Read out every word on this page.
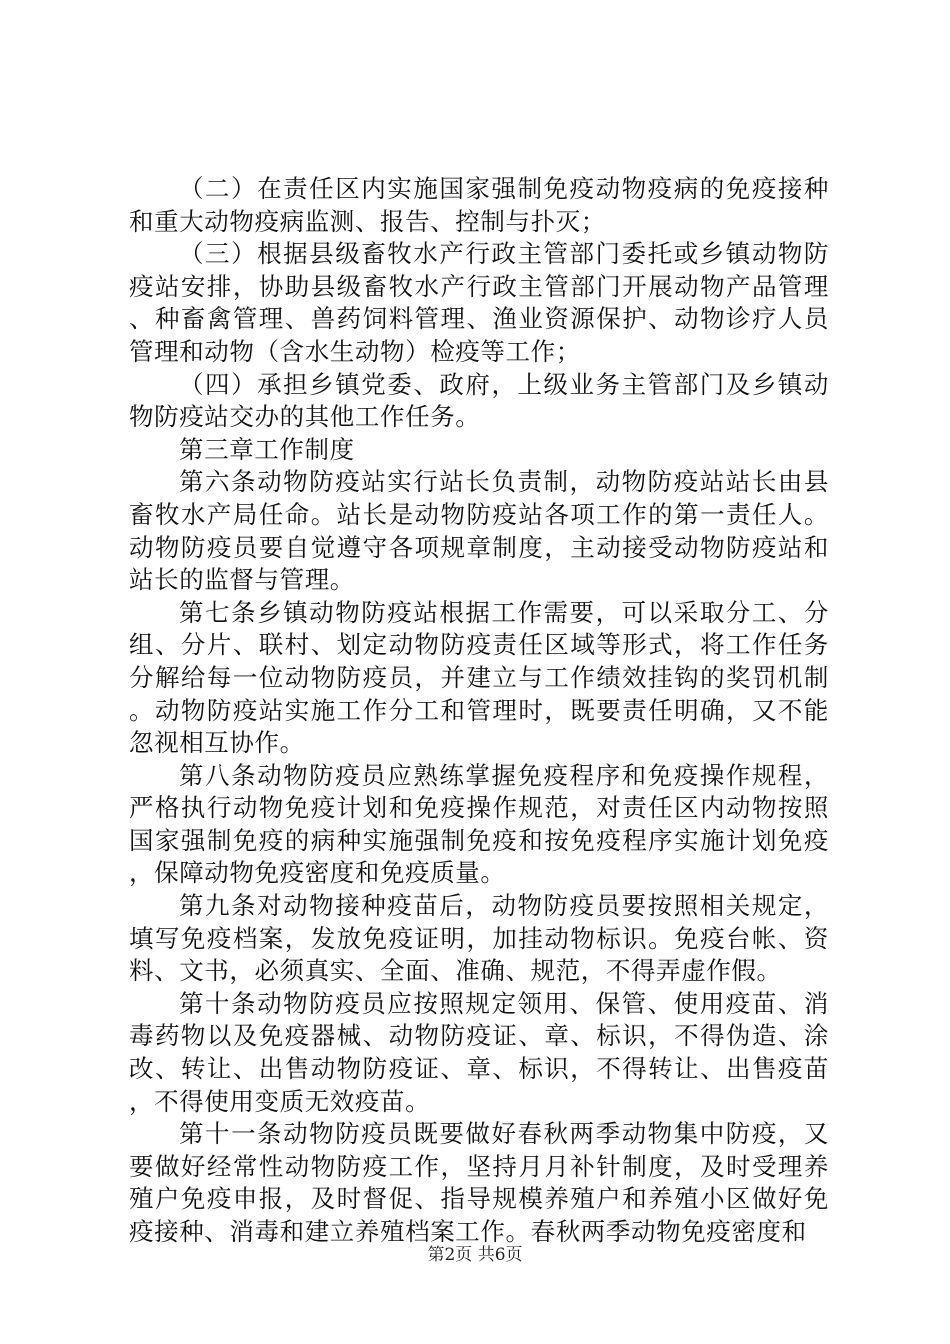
（二）在责任区内实施国家强制免疫动物疫病的免疫接种和重大动物疫病监测、报告、控制与扑灭；

（三）根据县级畜牧水产行政主管部门委托或乡镇动物防疫站安排，协助县级畜牧水产行政主管部门开展动物产品管理、种畜禽管理、兽药饲料管理、渔业资源保护、动物诊疗人员管理和动物（含水生动物）检疫等工作；

（四）承担乡镇党委、政府，上级业务主管部门及乡镇动物防疫站交办的其他工作任务。

第三章工作制度

第六条动物防疫站实行站长负责制，动物防疫站站长由县畜牧水产局任命。站长是动物防疫站各项工作的第一责任人。动物防疫员要自觉遵守各项规章制度，主动接受动物防疫站和站长的监督与管理。

第七条乡镇动物防疫站根据工作需要，可以采取分工、分组、分片、联村、划定动物防疫责任区域等形式，将工作任务分解给每一位动物防疫员，并建立与工作绩效挂钩的奖罚机制。动物防疫站实施工作分工和管理时，既要责任明确，又不能忽视相互协作。

第八条动物防疫员应熟练掌握免疫程序和免疫操作规程，严格执行动物免疫计划和免疫操作规范，对责任区内动物按照国家强制免疫的病种实施强制免疫和按免疫程序实施计划免疫，保障动物免疫密度和免疫质量。

第九条对动物接种疫苗后，动物防疫员要按照相关规定，填写免疫档案，发放免疫证明，加挂动物标识。免疫台帐、资料、文书，必须真实、全面、准确、规范，不得弄虚作假。

第十条动物防疫员应按照规定领用、保管、使用疫苗、消毒药物以及免疫器械、动物防疫证、章、标识，不得伪造、涂改、转让、出售动物防疫证、章、标识，不得转让、出售疫苗，不得使用变质无效疫苗。

第十一条动物防疫员既要做好春秋两季动物集中防疫，又要做好经常性动物防疫工作，坚持月月补针制度，及时受理养殖户免疫申报，及时督促、指导规模养殖户和养殖小区做好免疫接种、消毒和建立养殖档案工作。春秋两季动物免疫密度和

第2页 共6页
